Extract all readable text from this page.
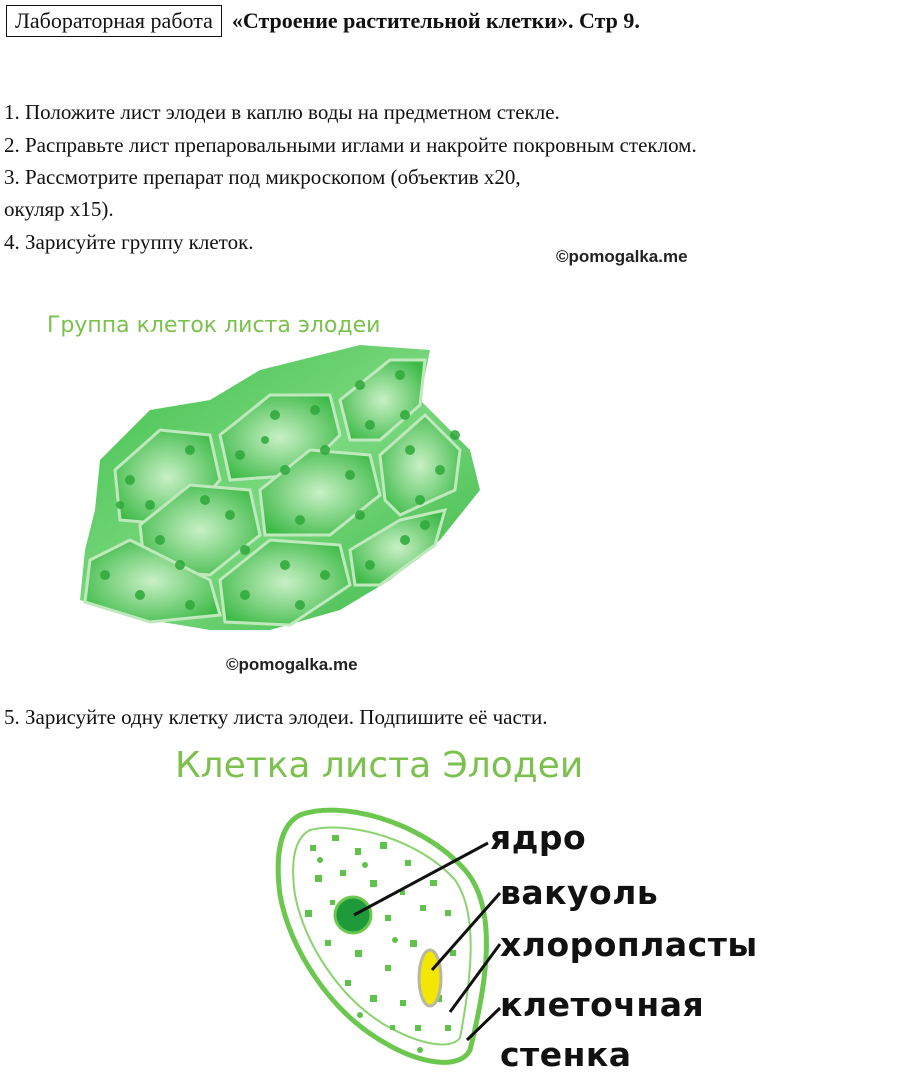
Лабораторная работа «Строение растительной клетки». Стр 9.
1. Положите лист элодеи в каплю воды на предметном стекле.
2. Расправьте лист препаровальными иглами и накройте покровным стеклом.
3. Рассмотрите препарат под микроскопом (объектив х20,
окуляр х15).
4. Зарисуйте группу клеток.
©pomogalka.me
Группа клеток листа элодеи
©pomogalka.me
5. Зарисуйте одну клетку листа элодеи. Подпишите её части.
Клетка листа Элодеи
ядро
вакуоль
хлоропласты
клеточная
стенка
